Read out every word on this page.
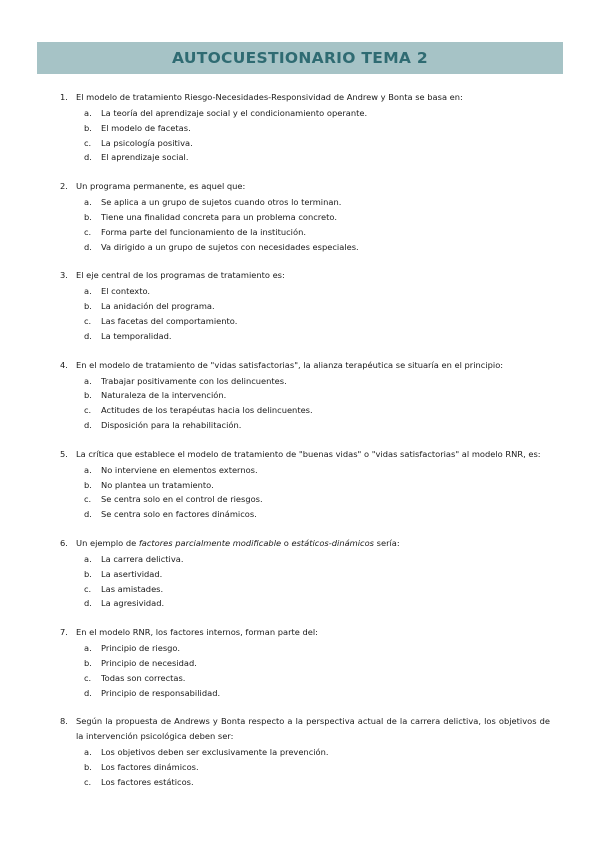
AUTOCUESTIONARIO TEMA 2
1. El modelo de tratamiento Riesgo-Necesidades-Responsividad de Andrew y Bonta se basa en:
a.	La teoría del aprendizaje social y el condicionamiento operante.
b.	El modelo de facetas.
c.	La psicología positiva.
d.	El aprendizaje social.
2. Un programa permanente, es aquel que:
a.	Se aplica a un grupo de sujetos cuando otros lo terminan.
b.	Tiene una finalidad concreta para un problema concreto.
c.	Forma parte del funcionamiento de la institución.
d.	Va dirigido a un grupo de sujetos con necesidades especiales.
3. El eje central de los programas de tratamiento es:
a.	El contexto.
b.	La anidación del programa.
c.	Las facetas del comportamiento.
d.	La temporalidad.
4. En el modelo de tratamiento de "vidas satisfactorias", la alianza terapéutica se situaría en el principio:
a.	Trabajar positivamente con los delincuentes.
b.	Naturaleza de la intervención.
c.	Actitudes de los terapéutas hacia los delincuentes.
d.	Disposición para la rehabilitación.
5. La crítica que establece el modelo de tratamiento de "buenas vidas" o "vidas satisfactorias" al modelo RNR, es:
a.	No interviene en elementos externos.
b.	No plantea un tratamiento.
c.	Se centra solo en el control de riesgos.
d.	Se centra solo en factores dinámicos.
6. Un ejemplo de factores parcialmente modificable o estáticos-dinámicos sería:
a.	La carrera delictiva.
b.	La asertividad.
c.	Las amistades.
d.	La agresividad.
7. En el modelo RNR, los factores internos, forman parte del:
a.	Principio de riesgo.
b.	Principio de necesidad.
c.	Todas son correctas.
d.	Principio de responsabilidad.
8. Según la propuesta de Andrews y Bonta respecto a la perspectiva actual de la carrera delictiva, los objetivos de la intervención psicológica deben ser:
a.	Los objetivos deben ser exclusivamente la prevención.
b.	Los factores dinámicos.
c.	Los factores estáticos.
